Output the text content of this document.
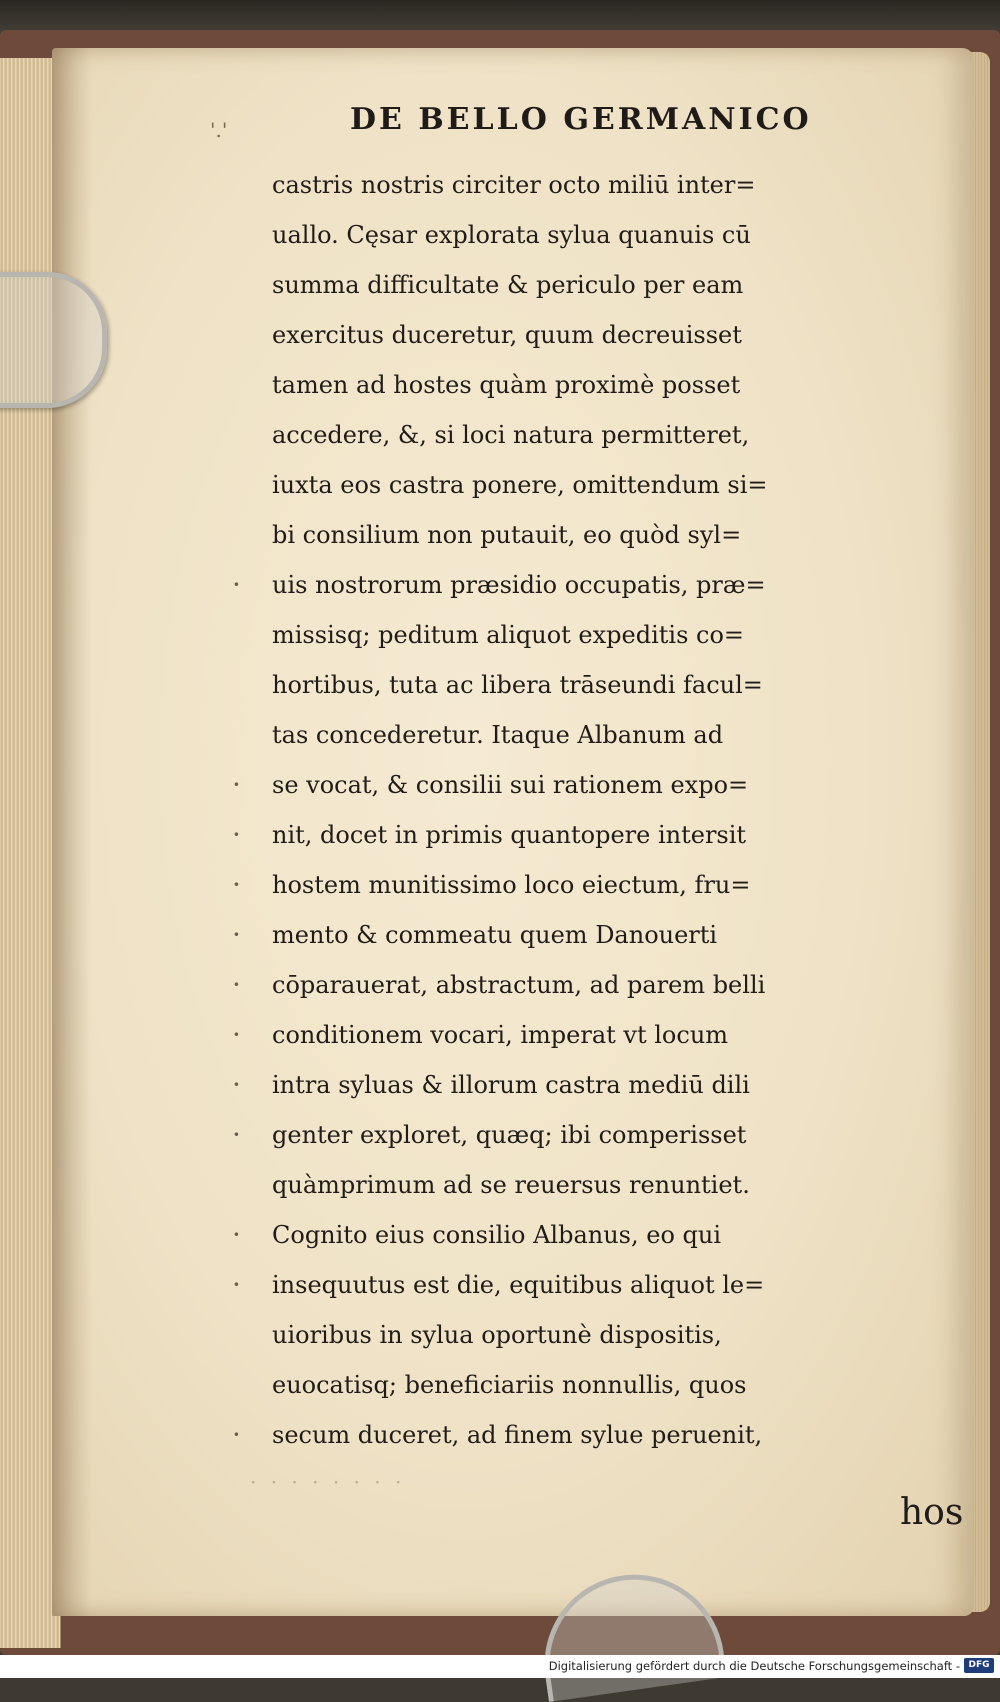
'.'	DE BELLO GERMANICO
·
·
·
·
·
·
·
·
·
·
·
·
castris nostris circiter octo miliū inter=
uallo. Cęsar explorata sylua quanuis cū
summa difficultate & periculo per eam
exercitus duceretur, quum decreuisset
tamen ad hostes quàm proximè posset
accedere, &, si loci natura permitteret,
iuxta eos castra ponere, omittendum si=
bi consilium non putauit, eo quòd syl=
uis nostrorum præsidio occupatis, præ=
missisq; peditum aliquot expeditis co=
hortibus, tuta ac libera trāseundi facul=
tas concederetur. Itaque Albanum ad
se vocat, & consilii sui rationem expo=
nit, docet in primis quantopere intersit
hostem munitissimo loco eiectum, fru=
mento & commeatu quem Danouerti
cōparauerat, abstractum, ad parem belli
conditionem vocari, imperat vt locum
intra syluas & illorum castra mediū dili
genter exploret, quæq; ibi comperisset
quàmprimum ad se reuersus renuntiet.
Cognito eius consilio Albanus, eo qui
insequutus est die, equitibus aliquot le=
uioribus in sylua oportunè dispositis,
euocatisq; beneficiariis nonnullis, quos
secum duceret, ad finem sylue peruenit,
· · · · · · · ·
hos
Digitalisierung gefördert durch die Deutsche Forschungsgemeinschaft - DFG
